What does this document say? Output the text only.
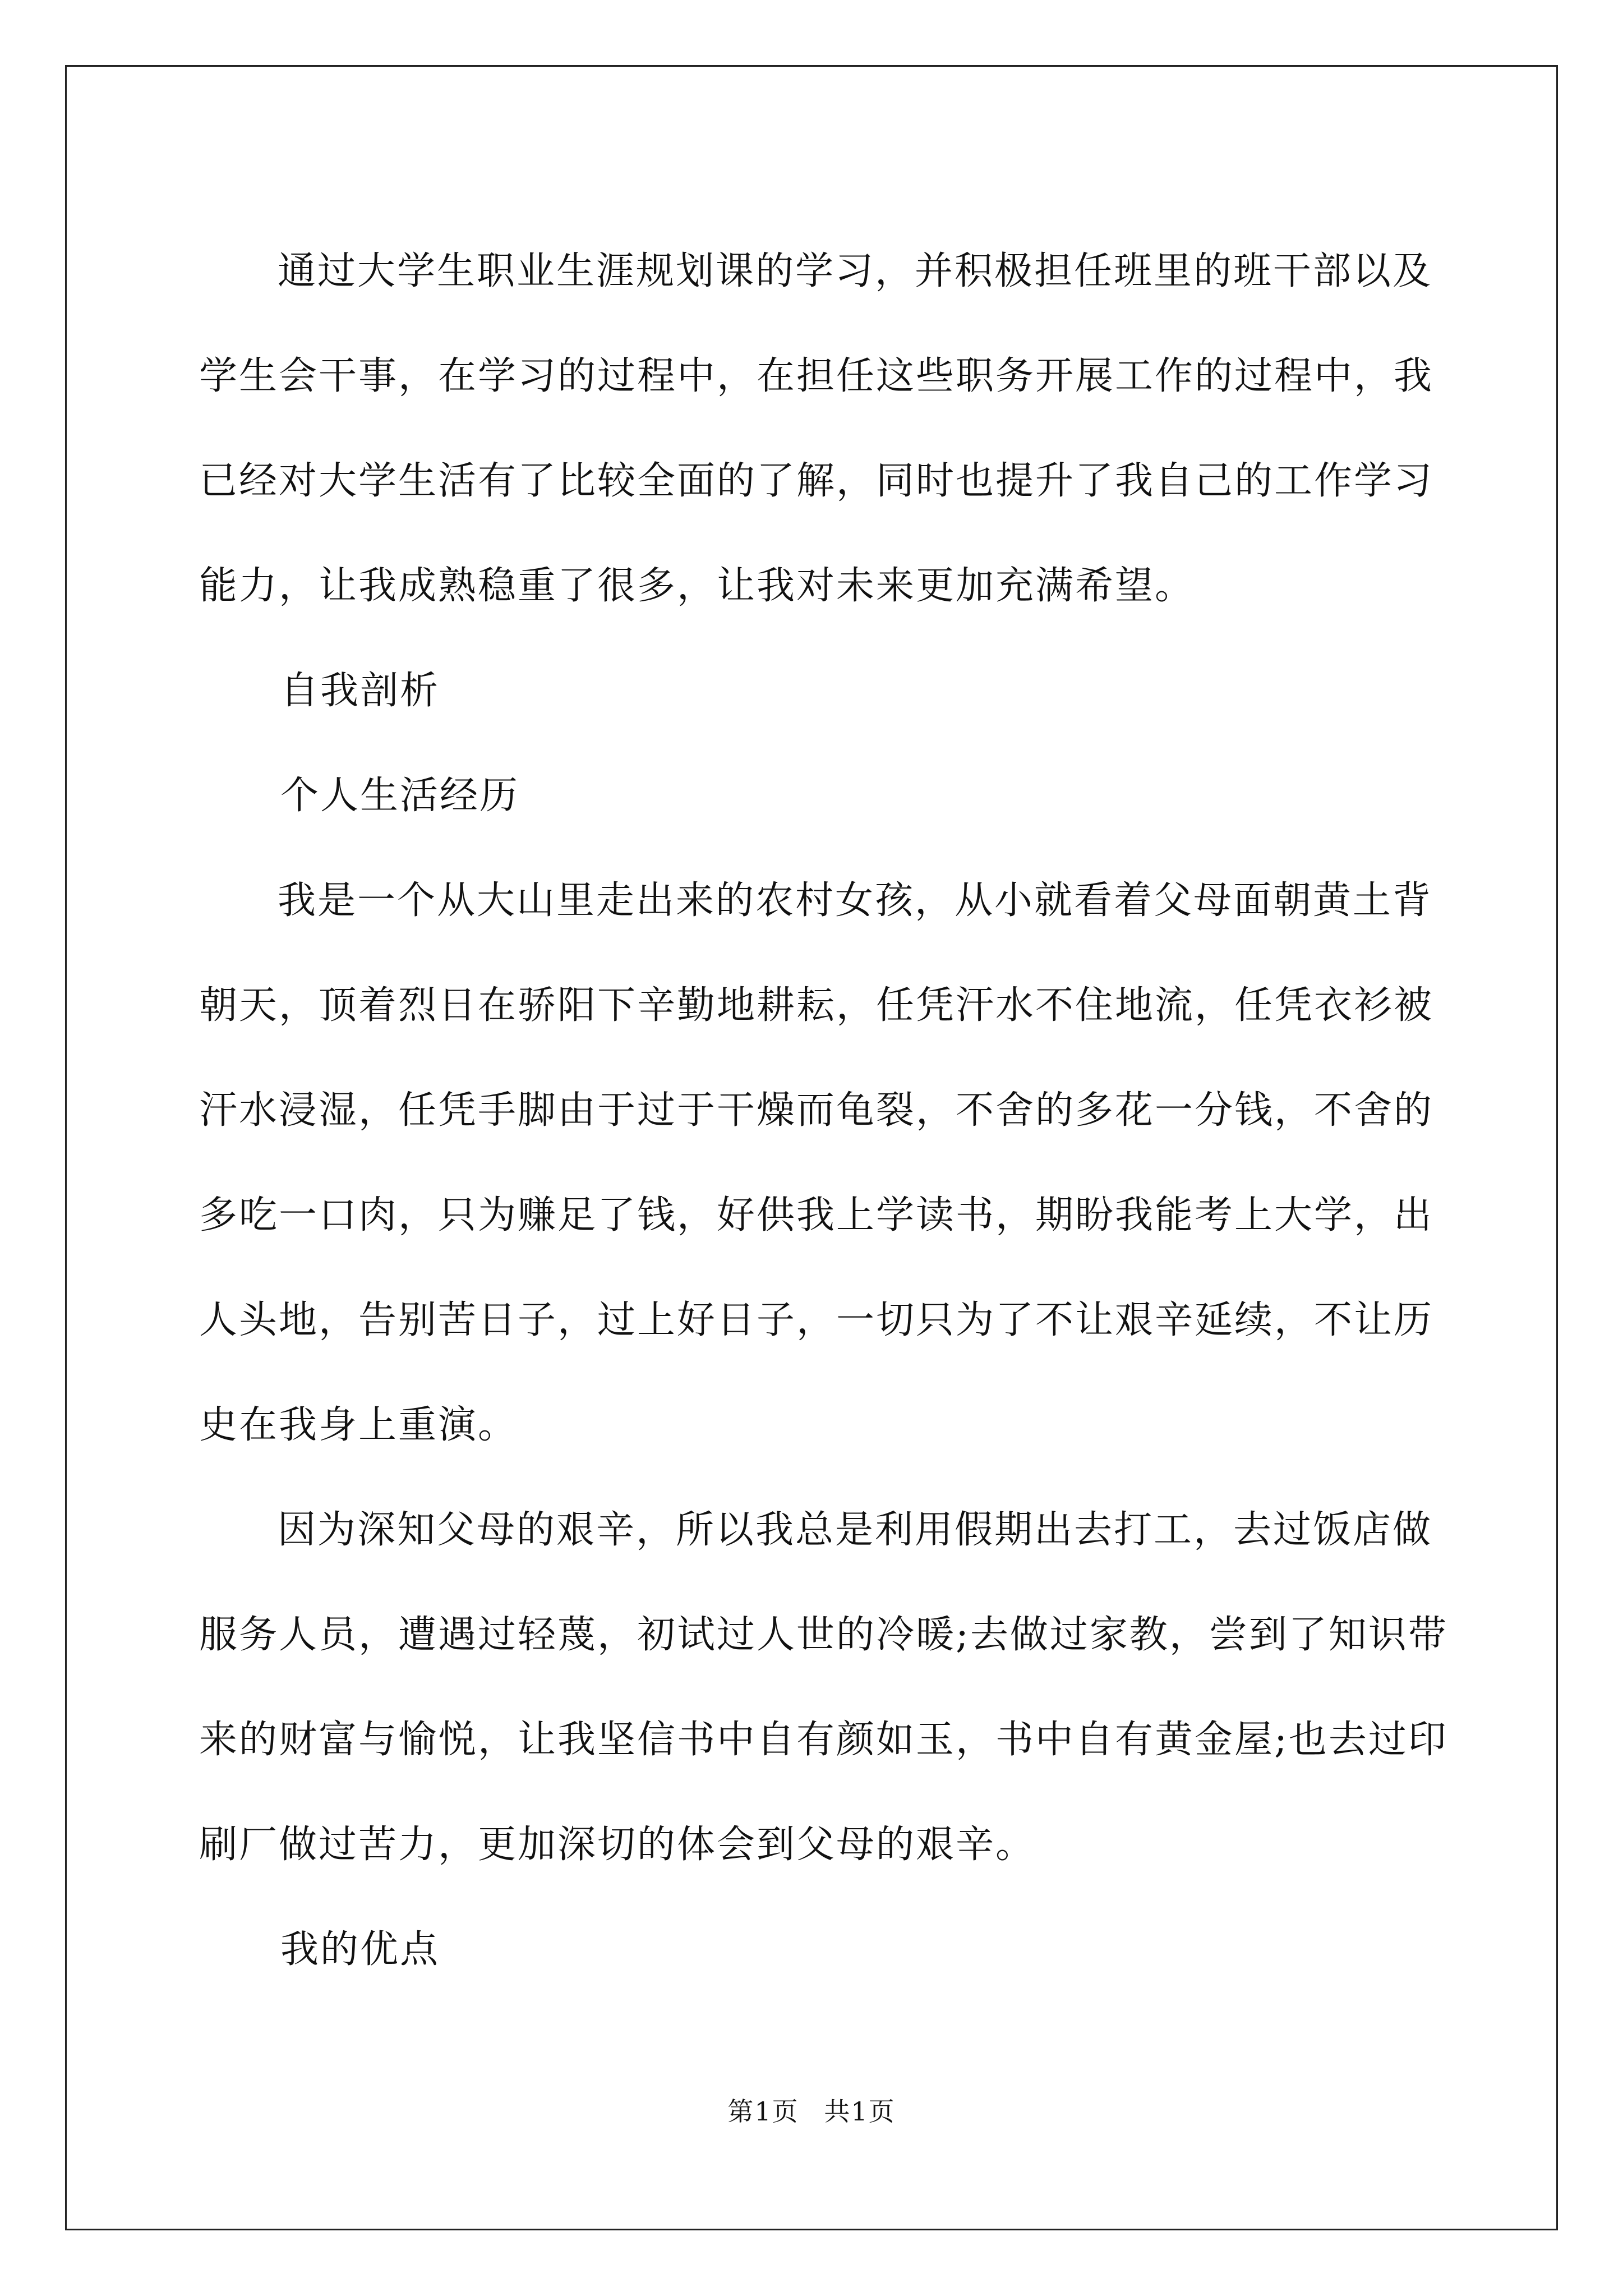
通过大学生职业生涯规划课的学习，并积极担任班里的班干部以及学生会干事，在学习的过程中，在担任这些职务开展工作的过程中，我已经对大学生活有了比较全面的了解，同时也提升了我自己的工作学习能力，让我成熟稳重了很多，让我对未来更加充满希望。

自我剖析

个人生活经历

我是一个从大山里走出来的农村女孩，从小就看着父母面朝黄土背朝天，顶着烈日在骄阳下辛勤地耕耘，任凭汗水不住地流，任凭衣衫被汗水浸湿，任凭手脚由于过于干燥而龟裂，不舍的多花一分钱，不舍的多吃一口肉，只为赚足了钱，好供我上学读书，期盼我能考上大学，出人头地，告别苦日子，过上好日子，一切只为了不让艰辛延续，不让历史在我身上重演。

因为深知父母的艰辛，所以我总是利用假期出去打工，去过饭店做服务人员，遭遇过轻蔑，初试过人世的冷暖;去做过家教，尝到了知识带来的财富与愉悦，让我坚信书中自有颜如玉，书中自有黄金屋;也去过印刷厂做过苦力，更加深切的体会到父母的艰辛。

我的优点

第1页 共1页
